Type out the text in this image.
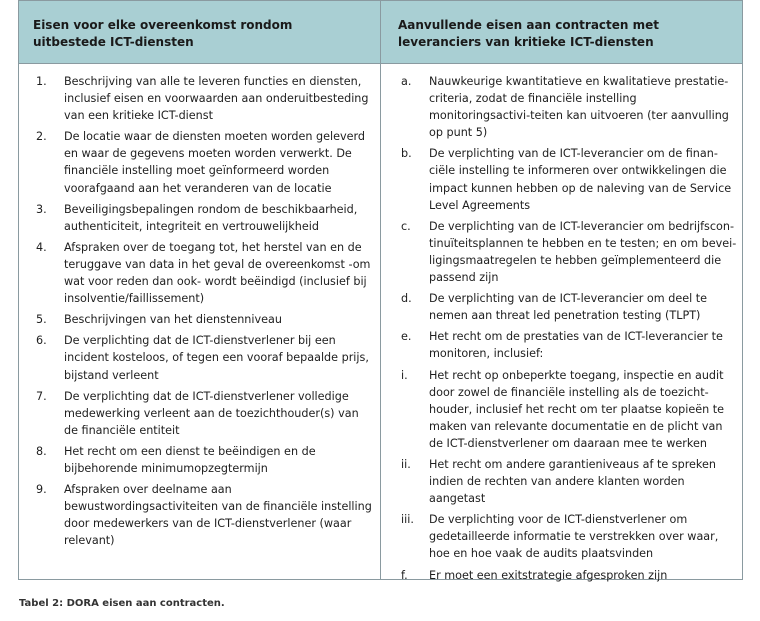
Eisen voor elke overeenkomst rondom uitbestede ICT-diensten
Aanvullende eisen aan contracten met leveranciers van kritieke ICT-diensten
1. Beschrijving van alle te leveren functies en diensten, inclusief eisen en voorwaarden aan onderuitbesteding van een kritieke ICT-dienst
2. De locatie waar de diensten moeten worden geleverd en waar de gegevens moeten worden verwerkt. De financiële instelling moet geïnformeerd worden voorafgaand aan het veranderen van de locatie
3. Beveiligingsbepalingen rondom de beschikbaarheid, authenticiteit, integriteit en vertrouwelijkheid
4. Afspraken over de toegang tot, het herstel van en de teruggave van data in het geval de overeenkomst -om wat voor reden dan ook- wordt beëindigd (inclusief bij insolventie/faillissement)
5. Beschrijvingen van het dienstenniveau
6. De verplichting dat de ICT-dienstverlener bij een incident kosteloos, of tegen een vooraf bepaalde prijs, bijstand verleent
7. De verplichting dat de ICT-dienstverlener volledige medewerking verleent aan de toezichthouder(s) van de financiële entiteit
8. Het recht om een dienst te beëindigen en de bijbehorende minimumopzegtermijn
9. Afspraken over deelname aan bewustwordingsactiviteiten van de financiële instelling door medewerkers van de ICT-dienstverlener (waar relevant)
a. Nauwkeurige kwantitatieve en kwalitatieve prestatie-criteria, zodat de financiële instelling monitoringsactivi-teiten kan uitvoeren (ter aanvulling op punt 5)
b. De verplichting van de ICT-leverancier om de finan-ciële instelling te informeren over ontwikkelingen die impact kunnen hebben op de naleving van de Service Level Agreements
c. De verplichting van de ICT-leverancier om bedrijfscon-tinuïteitsplannen te hebben en te testen; en om bevei-ligingsmaatregelen te hebben geïmplementeerd die passend zijn
d. De verplichting van de ICT-leverancier om deel te nemen aan threat led penetration testing (TLPT)
e. Het recht om de prestaties van de ICT-leverancier te monitoren, inclusief:
i. Het recht op onbeperkte toegang, inspectie en audit door zowel de financiële instelling als de toezicht-houder, inclusief het recht om ter plaatse kopieën te maken van relevante documentatie en de plicht van de ICT-dienstverlener om daaraan mee te werken
ii. Het recht om andere garantieniveaus af te spreken indien de rechten van andere klanten worden aangetast
iii. De verplichting voor de ICT-dienstverlener om gedetailleerde informatie te verstrekken over waar, hoe en hoe vaak de audits plaatsvinden
f. Er moet een exitstrategie afgesproken zijn
Tabel 2: DORA eisen aan contracten.
